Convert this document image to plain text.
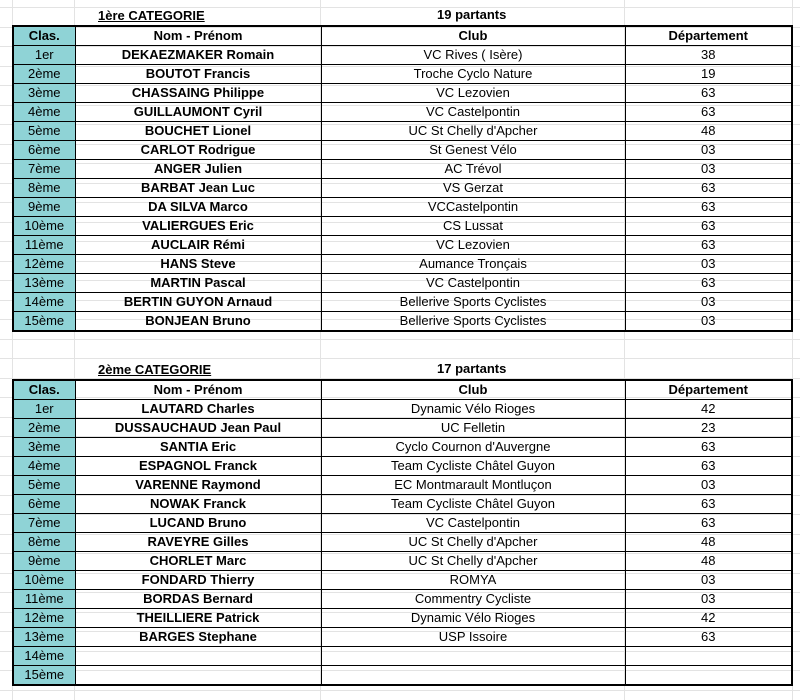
1ère CATEGORIE	19 partants
Clas.	Nom - Prénom	Club	Département
1er	DEKAEZMAKER Romain	VC Rives ( Isère)	38
2ème	BOUTOT Francis	Troche Cyclo Nature	19
3ème	CHASSAING Philippe	VC Lezovien	63
4ème	GUILLAUMONT Cyril	VC Castelpontin	63
5ème	BOUCHET Lionel	UC St Chelly d'Apcher	48
6ème	CARLOT Rodrigue	St Genest Vélo	03
7ème	ANGER Julien	AC Trévol	03
8ème	BARBAT Jean Luc	VS Gerzat	63
9ème	DA SILVA Marco	VCCastelpontin	63
10ème	VALIERGUES Eric	CS Lussat	63
11ème	AUCLAIR Rémi	VC Lezovien	63
12ème	HANS Steve	Aumance Tronçais	03
13ème	MARTIN Pascal	VC Castelpontin	63
14ème	BERTIN GUYON Arnaud	Bellerive Sports Cyclistes	03
15ème	BONJEAN Bruno	Bellerive Sports Cyclistes	03
2ème CATEGORIE	17 partants
Clas.	Nom - Prénom	Club	Département
1er	LAUTARD Charles	Dynamic Vélo Rioges	42
2ème	DUSSAUCHAUD Jean Paul	UC Felletin	23
3ème	SANTIA Eric	Cyclo Cournon d'Auvergne	63
4ème	ESPAGNOL Franck	Team Cycliste Châtel Guyon	63
5ème	VARENNE Raymond	EC Montmarault Montluçon	03
6ème	NOWAK Franck	Team Cycliste Châtel Guyon	63
7ème	LUCAND Bruno	VC Castelpontin	63
8ème	RAVEYRE Gilles	UC St Chelly d'Apcher	48
9ème	CHORLET Marc	UC St Chelly d'Apcher	48
10ème	FONDARD Thierry	ROMYA	03
11ème	BORDAS Bernard	Commentry Cycliste	03
12ème	THEILLIERE Patrick	Dynamic Vélo Rioges	42
13ème	BARGES Stephane	USP Issoire	63
14ème			
15ème			
